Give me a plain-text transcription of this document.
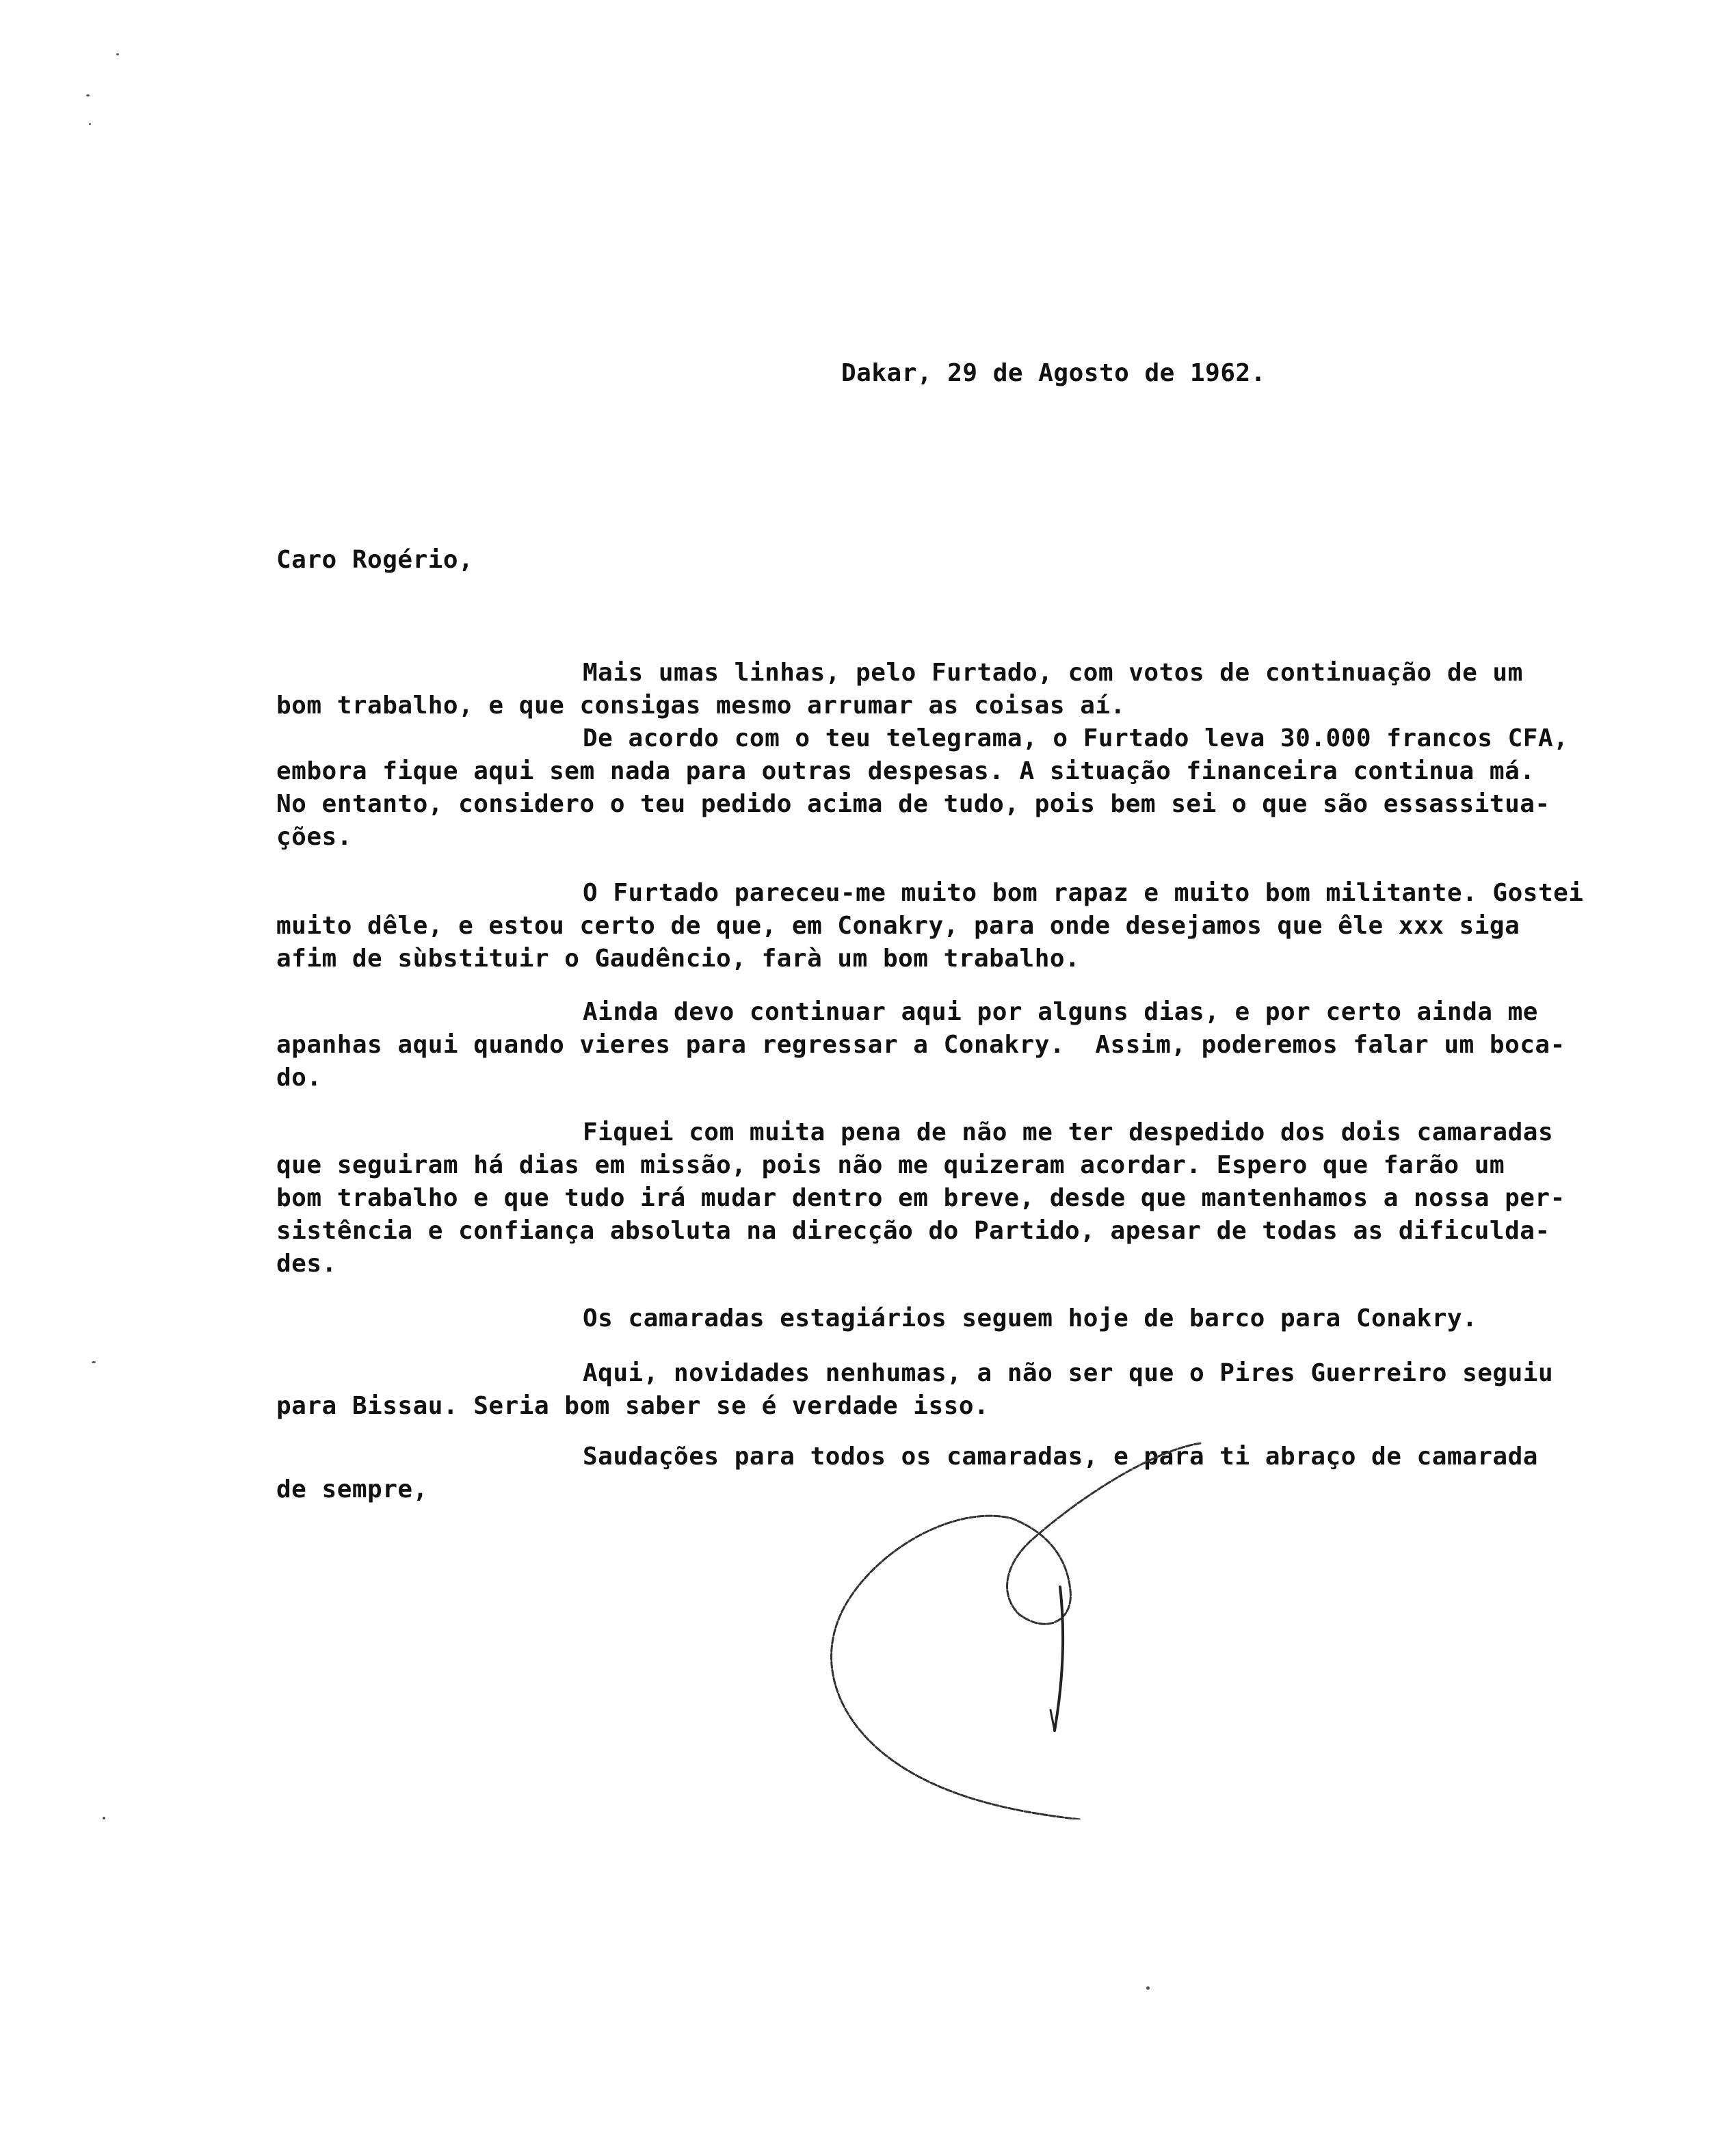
Dakar, 29 de Agosto de 1962.
Caro Rogério,
Mais umas linhas, pelo Furtado, com votos de continuação de um
bom trabalho, e que consigas mesmo arrumar as coisas aí.
De acordo com o teu telegrama, o Furtado leva 30.000 francos CFA,
embora fique aqui sem nada para outras despesas. A situação financeira continua má.
No entanto, considero o teu pedido acima de tudo, pois bem sei o que são essassitua-
ções.
O Furtado pareceu-me muito bom rapaz e muito bom militante. Gostei
muito dêle, e estou certo de que, em Conakry, para onde desejamos que êle xxx siga
afim de sùbstituir o Gaudêncio, farà um bom trabalho.
Ainda devo continuar aqui por alguns dias, e por certo ainda me
apanhas aqui quando vieres para regressar a Conakry.  Assim, poderemos falar um boca-
do.
Fiquei com muita pena de não me ter despedido dos dois camaradas
que seguiram há dias em missão, pois não me quizeram acordar. Espero que farão um
bom trabalho e que tudo irá mudar dentro em breve, desde que mantenhamos a nossa per-
sistência e confiança absoluta na direcção do Partido, apesar de todas as dificulda-
des.
Os camaradas estagiários seguem hoje de barco para Conakry.
Aqui, novidades nenhumas, a não ser que o Pires Guerreiro seguiu
para Bissau. Seria bom saber se é verdade isso.
Saudações para todos os camaradas, e para ti abraço de camarada
de sempre,
